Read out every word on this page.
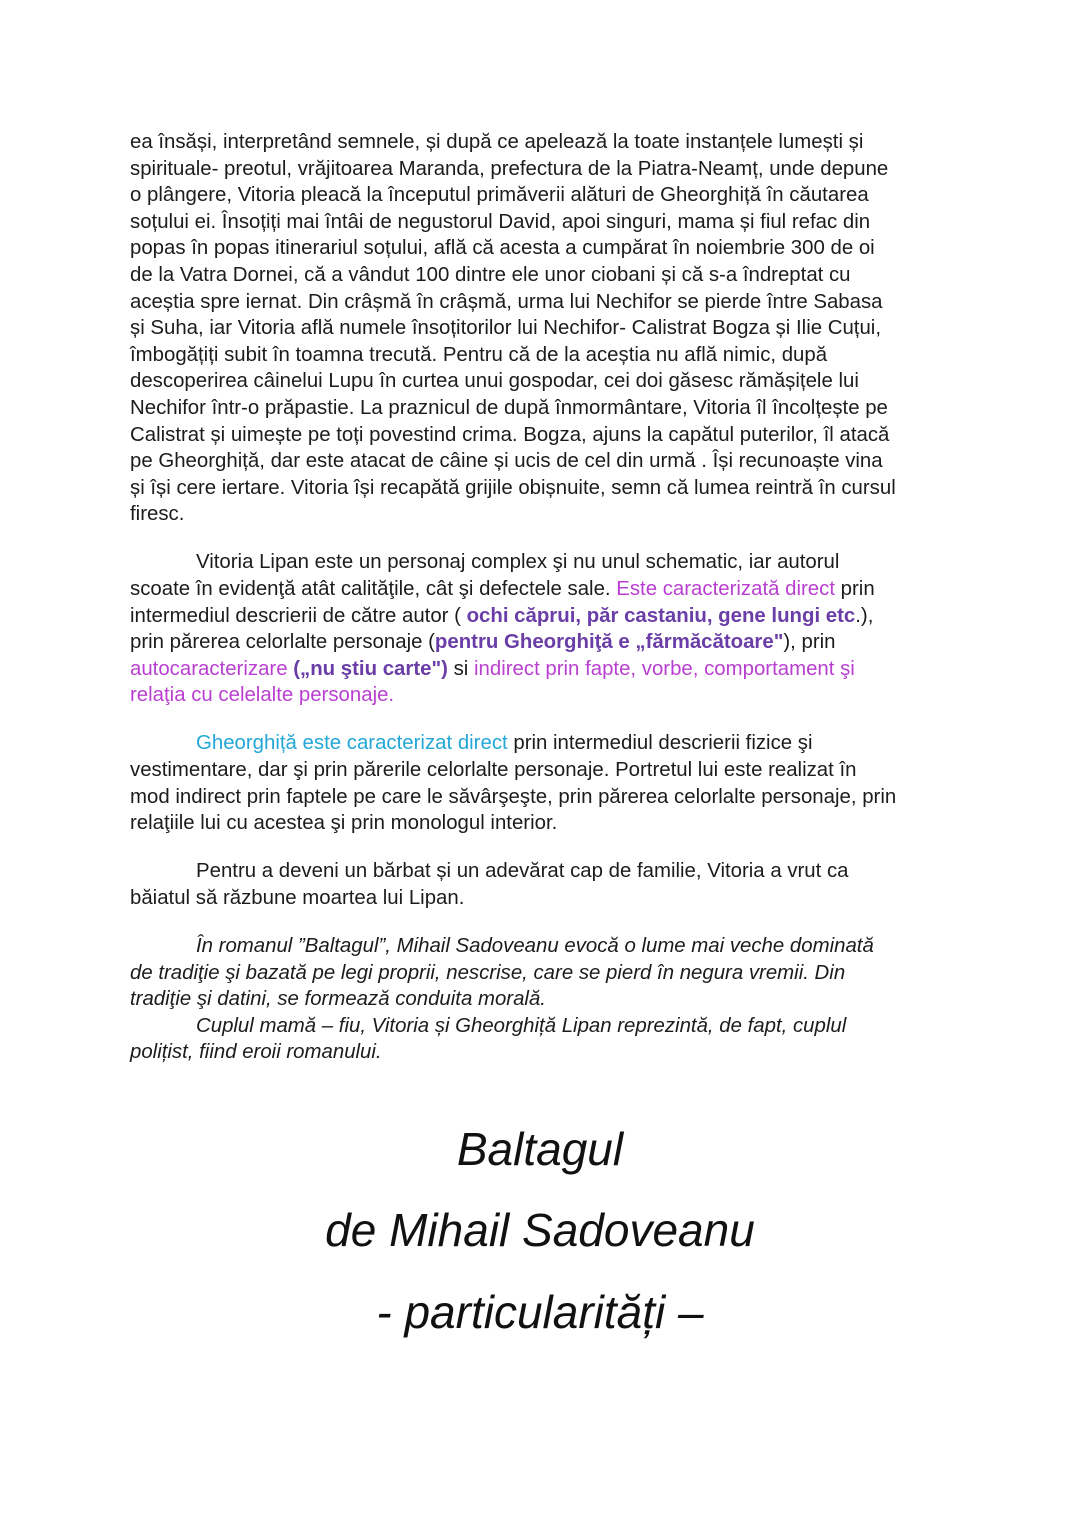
ea însăși, interpretând semnele, și după ce apelează la toate instanțele lumești și
spirituale- preotul, vrăjitoarea Maranda, prefectura de la Piatra-Neamț, unde depune
o plângere, Vitoria pleacă la începutul primăverii alături de Gheorghiță în căutarea
soțului ei. Însoțiți mai întâi de negustorul David, apoi singuri, mama și fiul refac din
popas în popas itinerariul soțului, află că acesta a cumpărat în noiembrie 300 de oi
de la Vatra Dornei, că a vândut 100 dintre ele unor ciobani și că s-a îndreptat cu
aceștia spre iernat. Din crâșmă în crâșmă, urma lui Nechifor se pierde între Sabasa
și Suha, iar Vitoria află numele însoțitorilor lui Nechifor- Calistrat Bogza și Ilie Cuțui,
îmbogățiți subit în toamna trecută. Pentru că de la aceștia nu află nimic, după
descoperirea câinelui Lupu în curtea unui gospodar, cei doi găsesc rămășițele lui
Nechifor într-o prăpastie. La praznicul de după înmormântare, Vitoria îl încolțește pe
Calistrat și uimește pe toți povestind crima. Bogza, ajuns la capătul puterilor, îl atacă
pe Gheorghiță, dar este atacat de câine și ucis de cel din urmă . Își recunoaște vina
și își cere iertare. Vitoria își recapătă grijile obișnuite, semn că lumea reintră în cursul
firesc.
Vitoria Lipan este un personaj complex şi nu unul schematic, iar autorul
scoate în evidenţă atât calităţile, cât şi defectele sale. Este caracterizată direct prin
intermediul descrierii de către autor ( ochi căprui, păr castaniu, gene lungi etc.),
prin părerea celorlalte personaje (pentru Gheorghiţă e „fărmăcătoare"), prin
autocaracterizare („nu ştiu carte") si indirect prin fapte, vorbe, comportament şi
relaţia cu celelalte personaje.
Gheorghiță este caracterizat direct prin intermediul descrierii fizice şi
vestimentare, dar şi prin părerile celorlalte personaje. Portretul lui este realizat în
mod indirect prin faptele pe care le săvârşeşte, prin părerea celorlalte personaje, prin
relaţiile lui cu acestea şi prin monologul interior.
Pentru a deveni un bărbat și un adevărat cap de familie, Vitoria a vrut ca
băiatul să răzbune moartea lui Lipan.
În romanul ”Baltagul”, Mihail Sadoveanu evocă o lume mai veche dominată
de tradiţie şi bazată pe legi proprii, nescrise, care se pierd în negura vremii. Din
tradiţie şi datini, se formează conduita morală.
Cuplul mamă – fiu, Vitoria și Gheorghiță Lipan reprezintă, de fapt, cuplul
polițist, fiind eroii romanului.
Baltagul
de Mihail Sadoveanu
- particularități –
